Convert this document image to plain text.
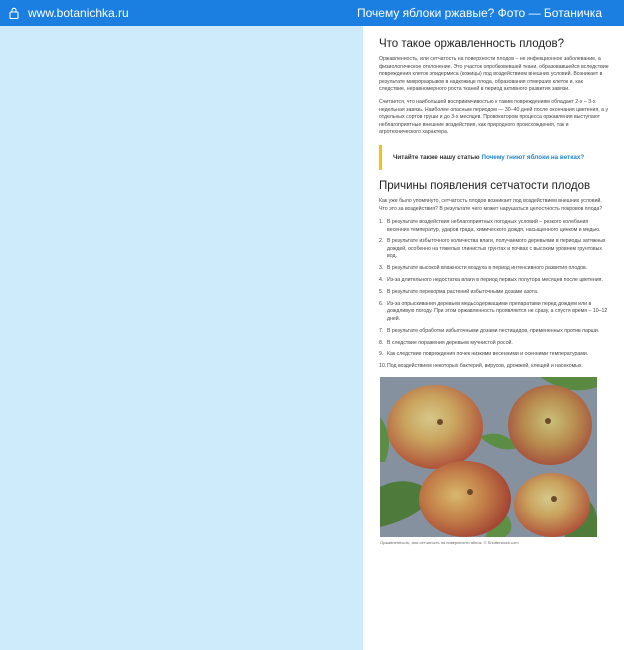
www.botanichka.ru	Почему яблоки ржавые? Фото — Ботаничка
Что такое оржавленность плодов?

Оржавленность, или сетчатость на поверхности плодов – не инфекционное заболевание, а физиологическое отклонение. Это участок опробковевшей ткани, образовавшейся вследствие повреждения клеток эпидермиса (кожицы) под воздействием внешних условий. Возникает в результате микроразрывов в надкожице плода, образования отмерших клеток и, как следствие, неравномерного роста тканей в период активного развития завязи.

Считается, что наибольшей восприимчивостью к таким повреждениям обладает 2-х – 3-х недельная завязь. Наиболее опасным периодом — 30–40 дней после окончания цветения, а у отдельных сортов груши и до 3-х месяцев. Провокатором процесса оржавления выступают неблагоприятные внешние воздействия, как природного происхождения, так и агротехнического характера.

Читайте также нашу статью Почему гниют яблоки на ветках?
Причины появления сетчатости плодов

Как уже было упомянуто, сетчатость плодов возникает под воздействием внешних условий. Что это за воздействия? В результате чего может нарушаться целостность покровов плода?

1. В результате воздействия неблагоприятных погодных условий – резкого колебания весенних температур, ударов града, химического дождя, насыщенного цинком и медью.
2. В результате избыточного количества влаги, получаемого деревьями в периоды затяжных дождей, особенно на тяжелых глинистых грунтах и почвах с высоким уровнем грунтовых вод.
3. В результате высокой влажности воздуха в период интенсивного развития плодов.
4. Из-за длительного недостатка влаги в период первых полутора месяцев после цветения.
5. В результате перекорма растений избыточными дозами азота.
6. Из-за опрыскивания деревьев медьсодержащими препаратами перед дождем или в дождливую погоду. При этом оржавленность проявляется не сразу, а спустя время – 10–12 дней.
7. В результате обработки избыточными дозами пестицидов, примененных против парши.
8. В следствие поражения деревьев мучнистой росой.
9. Как следствие повреждения почек низкими весенними и осенними температурами.
10. Под воздействием некоторых бактерий, вирусов, дрожжей, клещей и насекомых.
Оржавленность, или сетчатость на поверхности яблок. © Shutterstock.com
